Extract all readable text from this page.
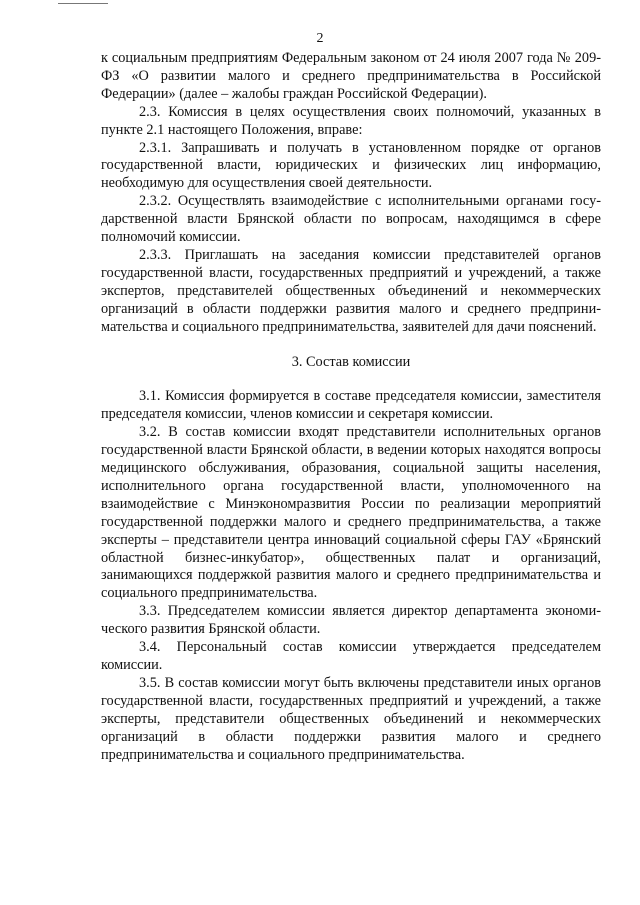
2

к социальным предприятиям Федеральным законом от 24 июля 2007 года № 209-ФЗ «О развитии малого и среднего предпринимательства в Российской Федерации» (далее – жалобы граждан Российской Федерации).

2.3. Комиссия в целях осуществления своих полномочий, указанных в пункте 2.1 настоящего Положения, вправе:

2.3.1. Запрашивать и получать в установленном порядке от органов государственной власти, юридических и физических лиц информацию, необходимую для осуществления своей деятельности.

2.3.2. Осуществлять взаимодействие с исполнительными органами государственной власти Брянской области по вопросам, находящимся в сфере полномочий комиссии.

2.3.3. Приглашать на заседания комиссии представителей органов государственной власти, государственных предприятий и учреждений, а также экспертов, представителей общественных объединений и некоммерческих организаций в области поддержки развития малого и среднего предпринимательства и социального предпринимательства, заявителей для дачи пояснений.

3. Состав комиссии

3.1. Комиссия формируется в составе председателя комиссии, заместителя председателя комиссии, членов комиссии и секретаря комиссии.

3.2. В состав комиссии входят представители исполнительных органов государственной власти Брянской области, в ведении которых находятся вопросы медицинского обслуживания, образования, социальной защиты населения, исполнительного органа государственной власти, уполномоченного на взаимодействие с Минэкономразвития России по реализации мероприятий государственной поддержки малого и среднего предпринимательства, а также эксперты – представители центра инноваций социальной сферы ГАУ «Брянский областной бизнес-инкубатор», общественных палат и организаций, занимающихся поддержкой развития малого и среднего предпринимательства и социального предпринимательства.

3.3. Председателем комиссии является директор департамента экономического развития Брянской области.

3.4. Персональный состав комиссии утверждается председателем комиссии.

3.5. В состав комиссии могут быть включены представители иных органов государственной власти, государственных предприятий и учреждений, а также эксперты, представители общественных объединений и некоммерческих организаций в области поддержки развития малого и среднего предпринимательства и социального предпринимательства.
